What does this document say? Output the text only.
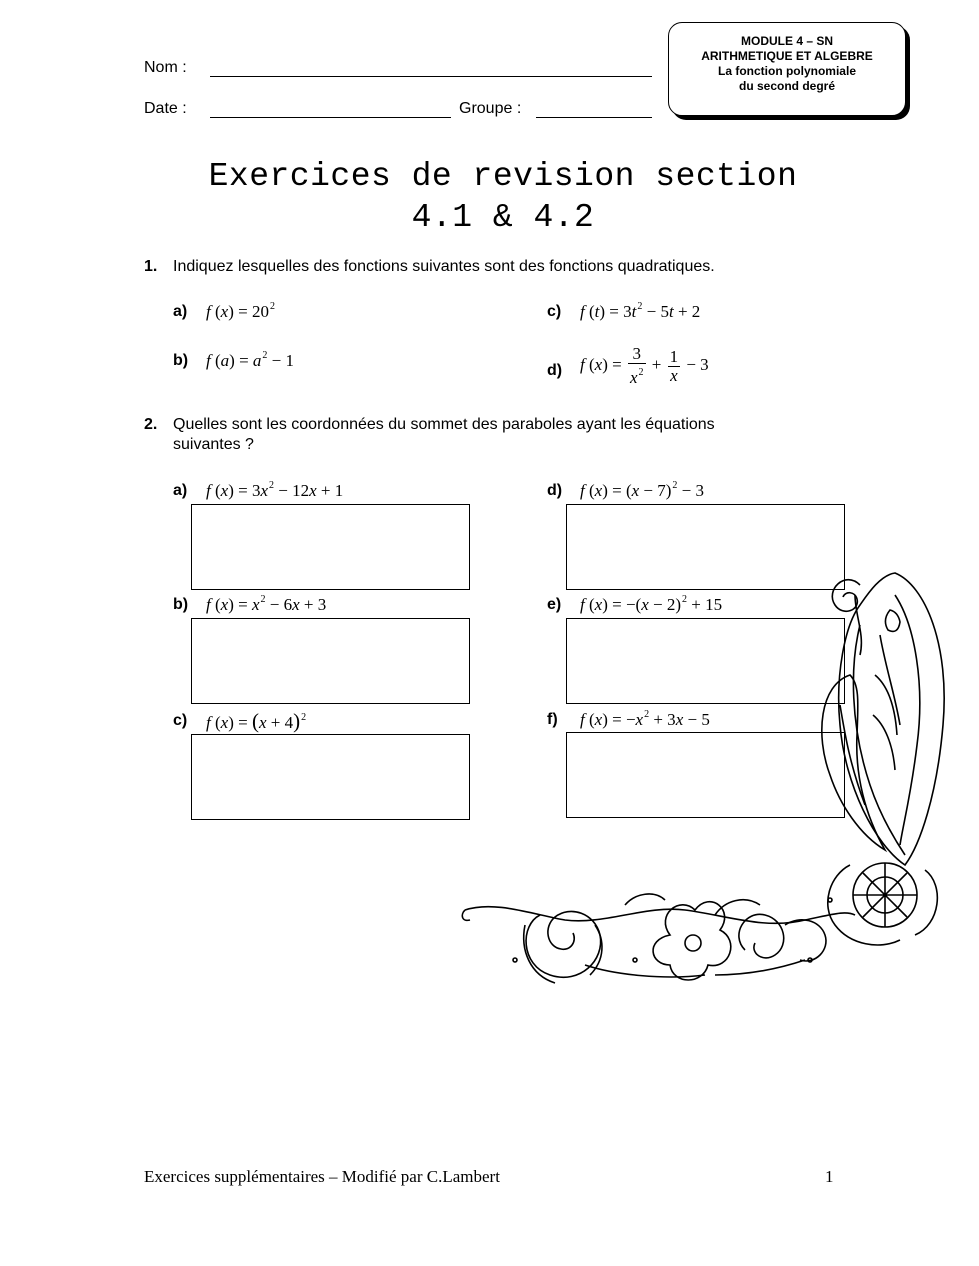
Nom :
Date :	Groupe :
MODULE 4 – SN
ARITHMETIQUE ET ALGEBRE
La fonction polynomiale
du second degré
Exercices de revision section
4.1 & 4.2
1. Indiquez lesquelles des fonctions suivantes sont des fonctions quadratiques.
a) f $(x) = 20^2$
b) f $(a) = a^2 - 1$
c) f $(t) = 3t^2 - 5t + 2$
d) f $(x) = \frac{3}{x^2} + \frac{1}{x} - 3$
2. Quelles sont les coordonnées du sommet des paraboles ayant les équations
suivantes ?
a) f $(x) = 3x^2 - 12x + 1$
b) f $(x) = x^2 - 6x + 3$
c) f $(x) = (x + 4)^2$
d) f $(x) = (x - 7)^2 - 3$
e) f $(x) = -(x - 2)^2 + 15$
f) f $(x) = -x^2 + 3x - 5$
Exercices supplémentaires – Modifié par C.Lambert	1
